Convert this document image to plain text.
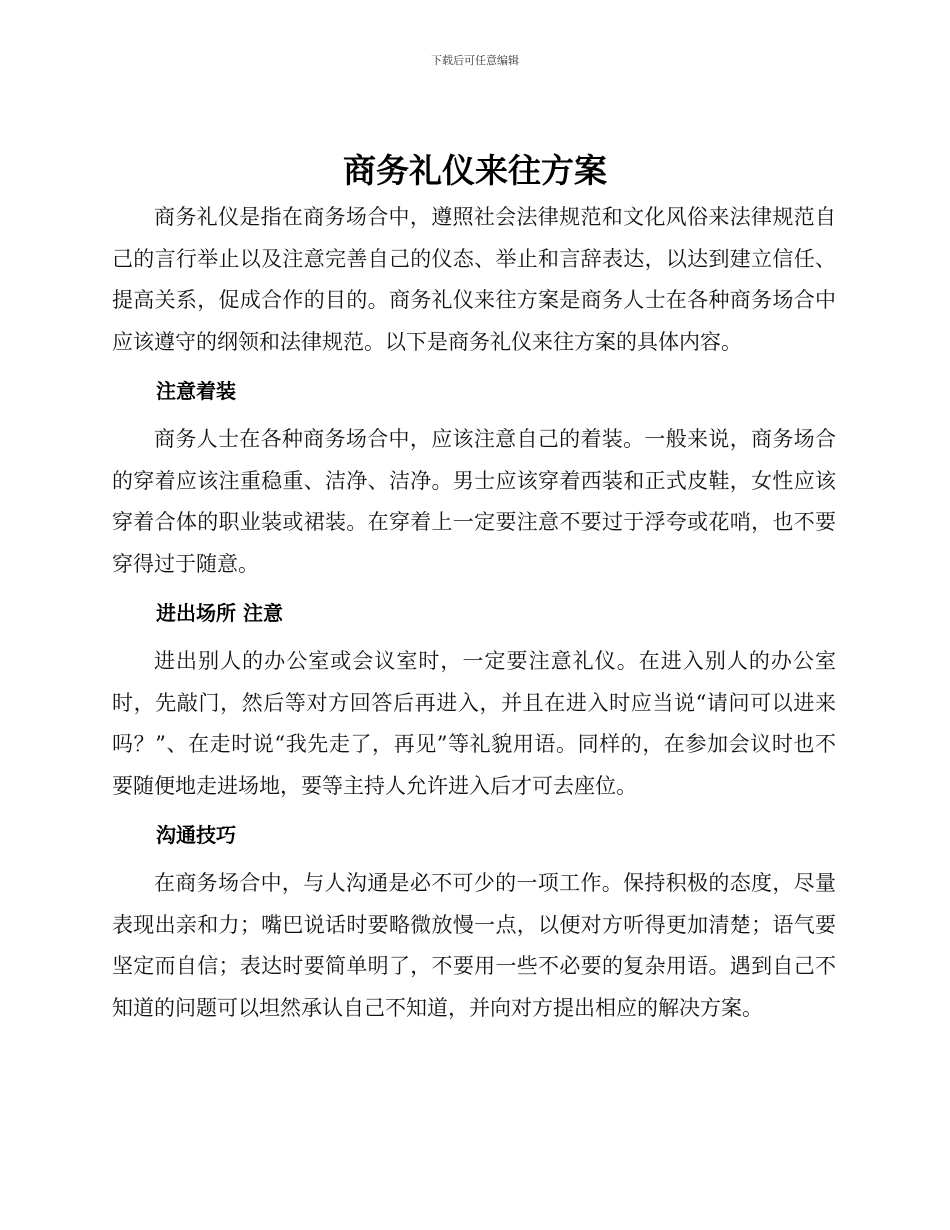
下载后可任意编辑
商务礼仪来往方案

商务礼仪是指在商务场合中，遵照社会法律规范和文化风俗来法律规范自己的言行举止以及注意完善自己的仪态、举止和言辞表达，以达到建立信任、提高关系，促成合作的目的。商务礼仪来往方案是商务人士在各种商务场合中应该遵守的纲领和法律规范。以下是商务礼仪来往方案的具体内容。

注意着装

商务人士在各种商务场合中，应该注意自己的着装。一般来说，商务场合的穿着应该注重稳重、洁净、洁净。男士应该穿着西装和正式皮鞋，女性应该穿着合体的职业装或裙装。在穿着上一定要注意不要过于浮夸或花哨，也不要穿得过于随意。

进出场所 注意

进出别人的办公室或会议室时，一定要注意礼仪。在进入别人的办公室时，先敲门，然后等对方回答后再进入，并且在进入时应当说“请问可以进来吗？”、在走时说“我先走了，再见”等礼貌用语。同样的，在参加会议时也不要随便地走进场地，要等主持人允许进入后才可去座位。

沟通技巧

在商务场合中，与人沟通是必不可少的一项工作。保持积极的态度，尽量表现出亲和力；嘴巴说话时要略微放慢一点，以便对方听得更加清楚；语气要坚定而自信；表达时要简单明了，不要用一些不必要的复杂用语。遇到自己不知道的问题可以坦然承认自己不知道，并向对方提出相应的解决方案。
